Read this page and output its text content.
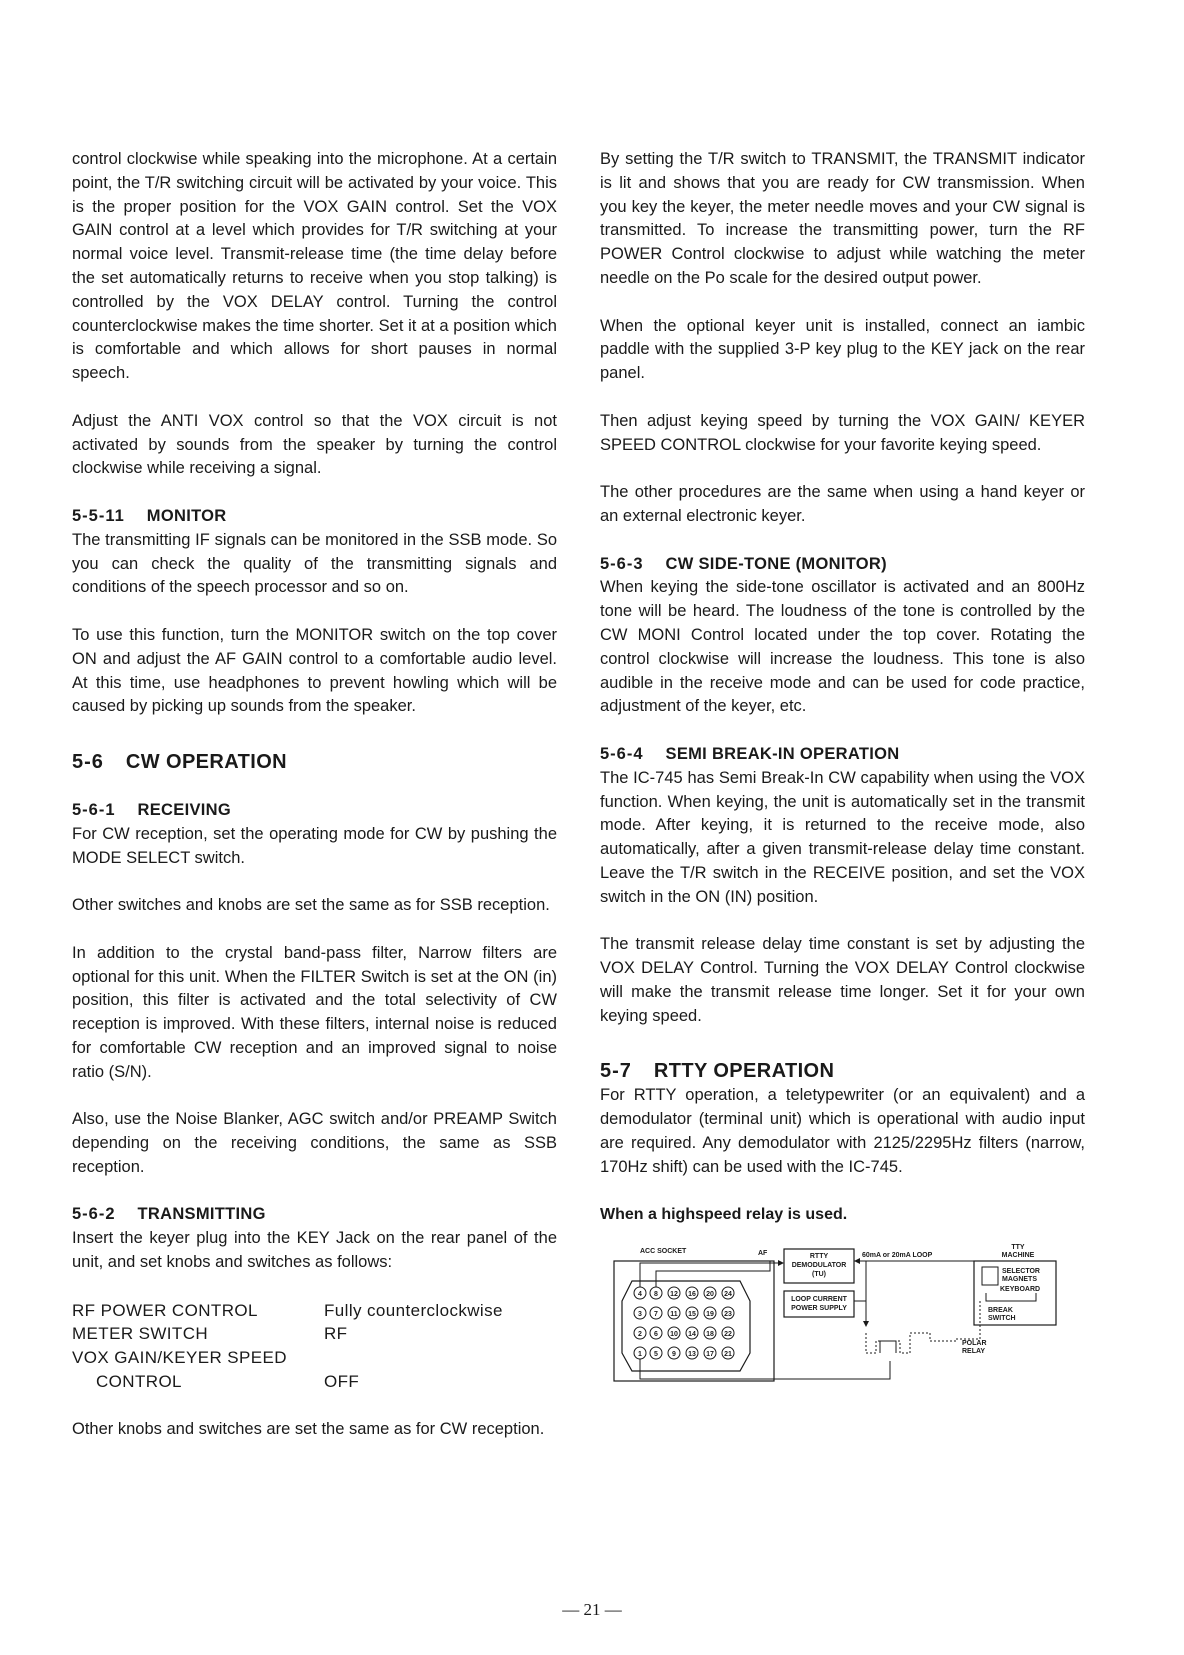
control clockwise while speaking into the microphone. At a certain point, the T/R switching circuit will be activated by your voice. This is the proper position for the VOX GAIN control. Set the VOX GAIN control at a level which provides for T/R switching at your normal voice level. Transmit-release time (the time delay before the set automatically returns to receive when you stop talking) is controlled by the VOX DELAY control. Turning the control counterclockwise makes the time shorter. Set it at a position which is comfortable and which allows for short pauses in normal speech.

Adjust the ANTI VOX control so that the VOX circuit is not activated by sounds from the speaker by turning the control clockwise while receiving a signal.

5-5-11 MONITOR

The transmitting IF signals can be monitored in the SSB mode. So you can check the quality of the transmitting signals and conditions of the speech processor and so on.

To use this function, turn the MONITOR switch on the top cover ON and adjust the AF GAIN control to a comfortable audio level. At this time, use headphones to prevent howling which will be caused by picking up sounds from the speaker.

5-6 CW OPERATION
5-6-1 RECEIVING

For CW reception, set the operating mode for CW by pushing the MODE SELECT switch.

Other switches and knobs are set the same as for SSB reception.

In addition to the crystal band-pass filter, Narrow filters are optional for this unit. When the FILTER Switch is set at the ON (in) position, this filter is activated and the total selectivity of CW reception is improved. With these filters, internal noise is reduced for comfortable CW reception and an improved signal to noise ratio (S/N).

Also, use the Noise Blanker, AGC switch and/or PREAMP Switch depending on the receiving conditions, the same as SSB reception.

5-6-2 TRANSMITTING

Insert the keyer plug into the KEY Jack on the rear panel of the unit, and set knobs and switches as follows:

RF POWER CONTROL	Fully counterclockwise
METER SWITCH	RF
VOX GAIN/KEYER SPEED	
CONTROL	OFF

Other knobs and switches are set the same as for CW reception.

By setting the T/R switch to TRANSMIT, the TRANSMIT indicator is lit and shows that you are ready for CW transmission. When you key the keyer, the meter needle moves and your CW signal is transmitted. To increase the transmitting power, turn the RF POWER Control clockwise to adjust while watching the meter needle on the Po scale for the desired output power.

When the optional keyer unit is installed, connect an iambic paddle with the supplied 3-P key plug to the KEY jack on the rear panel.

Then adjust keying speed by turning the VOX GAIN/ KEYER SPEED CONTROL clockwise for your favorite keying speed.

The other procedures are the same when using a hand keyer or an external electronic keyer.

5-6-3 CW SIDE-TONE (MONITOR)

When keying the side-tone oscillator is activated and an 800Hz tone will be heard. The loudness of the tone is controlled by the CW MONI Control located under the top cover. Rotating the control clockwise will increase the loudness. This tone is also audible in the receive mode and can be used for code practice, adjustment of the keyer, etc.

5-6-4 SEMI BREAK-IN OPERATION

The IC-745 has Semi Break-In CW capability when using the VOX function. When keying, the unit is automatically set in the transmit mode. After keying, it is returned to the receive mode, also automatically, after a given transmit-release delay time constant. Leave the T/R switch in the RECEIVE position, and set the VOX switch in the ON (IN) position.

The transmit release delay time constant is set by adjusting the VOX DELAY Control. Turning the VOX DELAY Control clockwise will make the transmit release time longer. Set it for your own keying speed.

5-7 RTTY OPERATION

For RTTY operation, a teletypewriter (or an equivalent) and a demodulator (terminal unit) which is operational with audio input are required. Any demodulator with 2125/2295Hz filters (narrow, 170Hz shift) can be used with the IC-745.

When a highspeed relay is used.
ACC SOCKET
4 8 12 16 20 24
3 7 11 15 19 23
2 6 10 14 18 22
1 5 9 13 17 21
AF	RTTY
DEMODULATOR
(TU)
60mA or 20mA LOOP
LOOP CURRENT
POWER SUPPLY
POLAR
RELAY
TTY
MACHINE
SELECTOR
MAGNETS
KEYBOARD
BREAK
SWITCH
— 21 —
